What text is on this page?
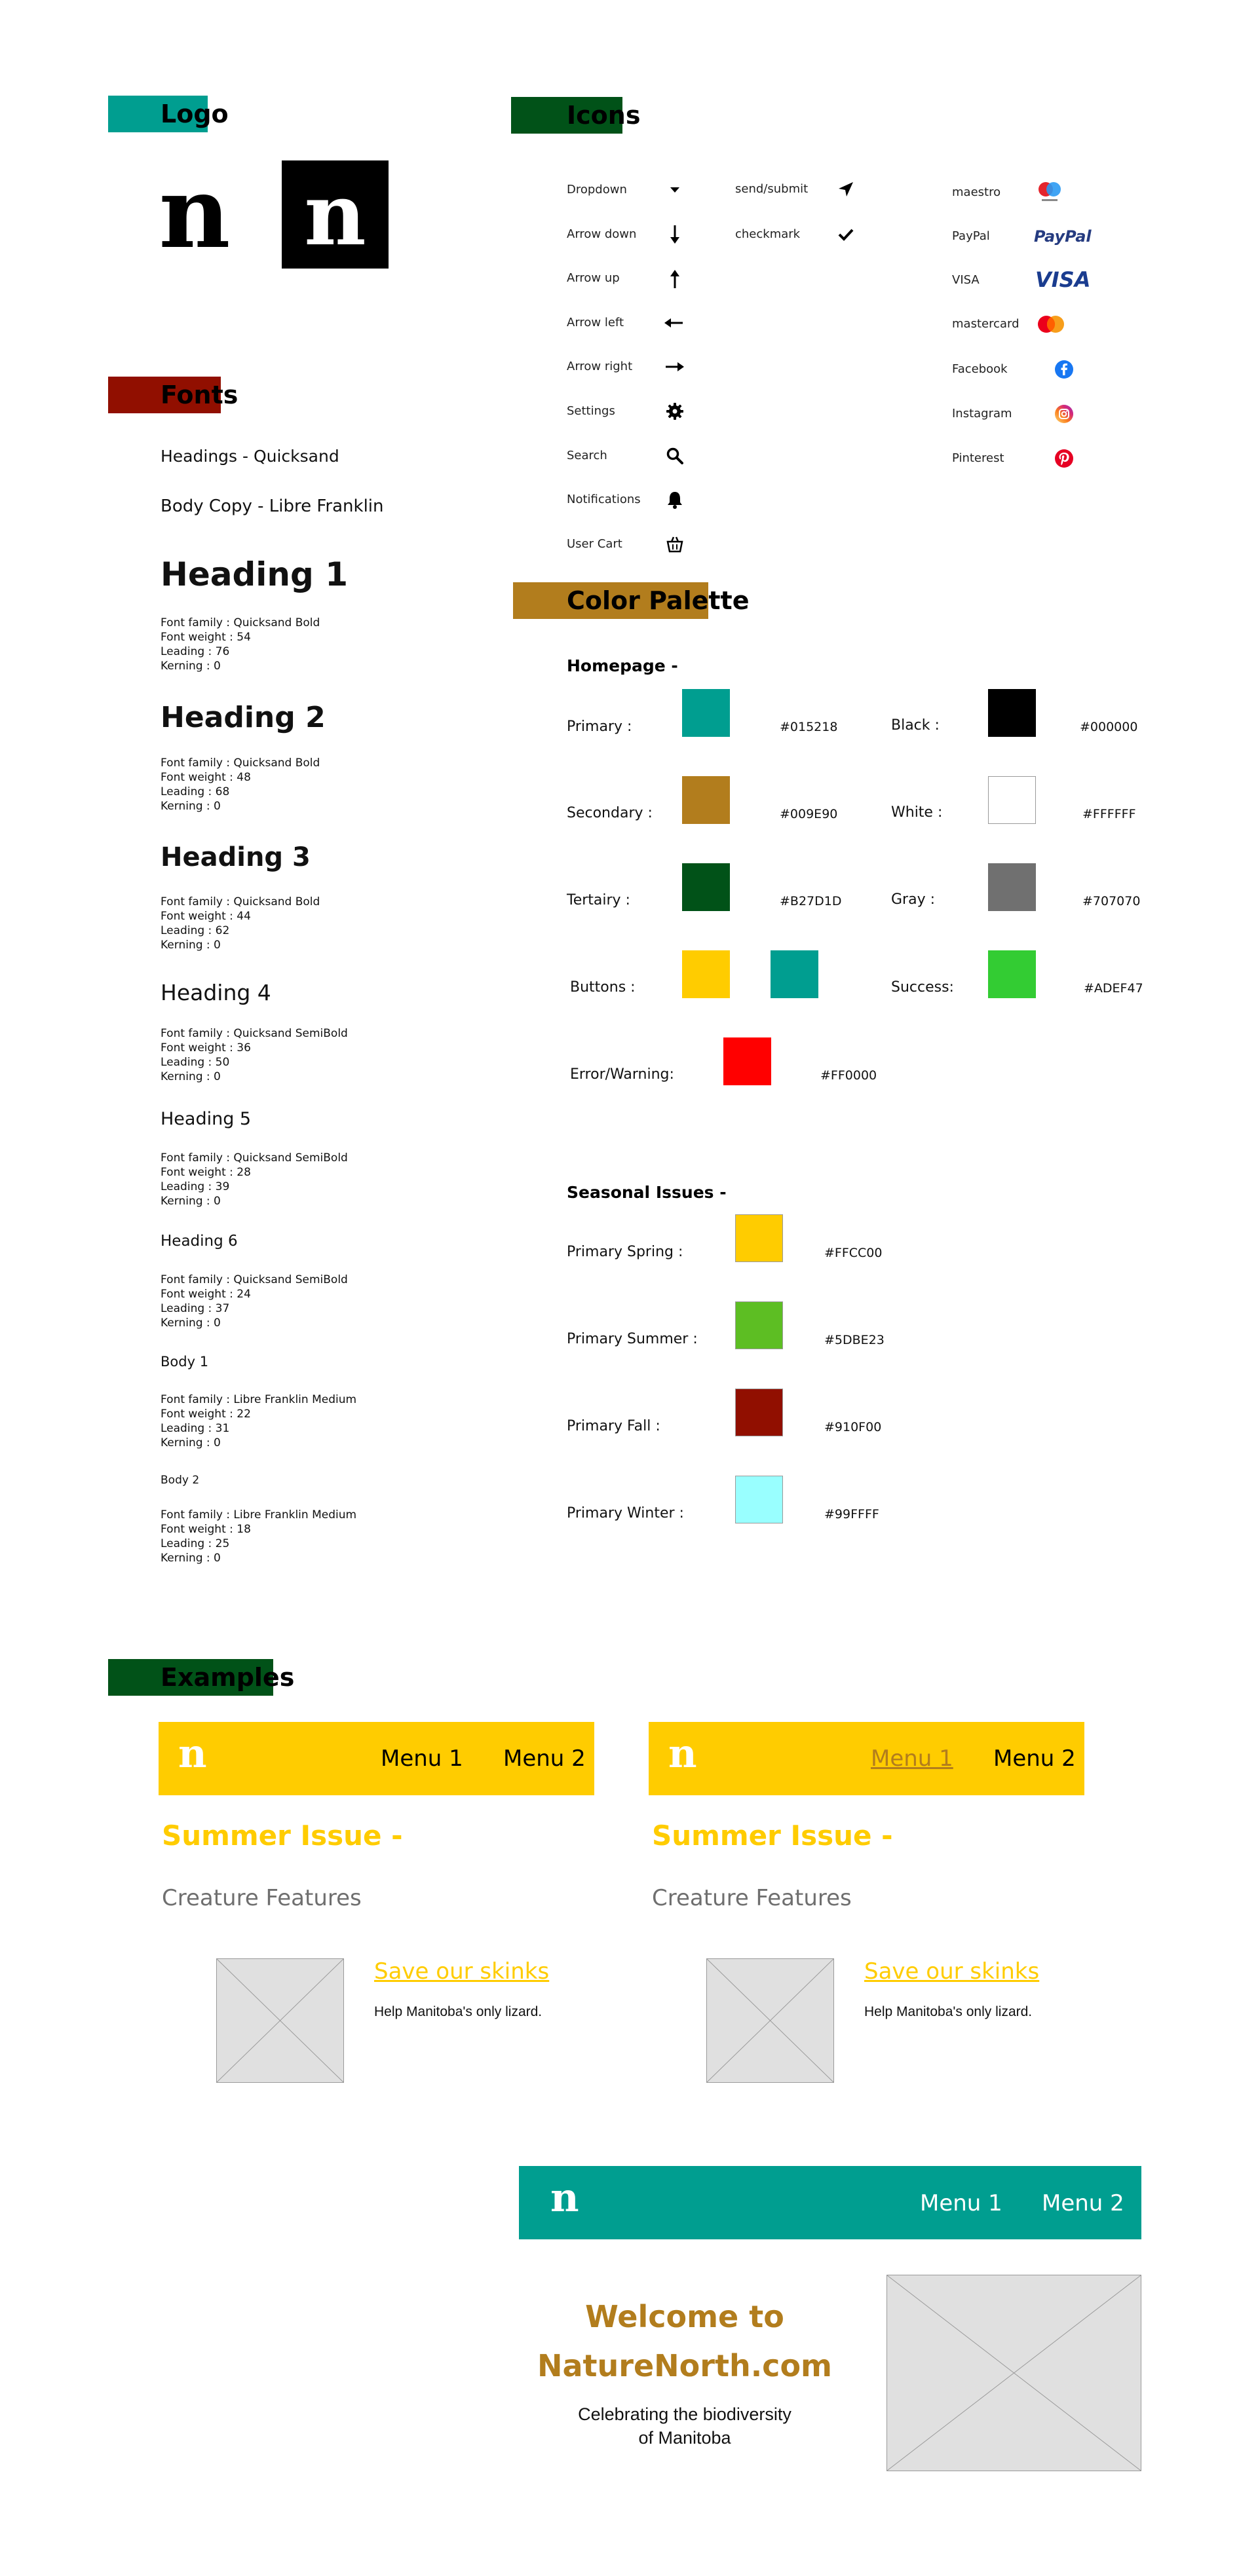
Logo
n n
Fonts
Headings - Quicksand
Body Copy - Libre Franklin
Heading 1
Font family : Quicksand Bold
Font weight : 54
Leading : 76
Kerning : 0
Heading 2
Font family : Quicksand Bold
Font weight : 48
Leading : 68
Kerning : 0
Heading 3
Font family : Quicksand Bold
Font weight : 44
Leading : 62
Kerning : 0
Heading 4
Font family : Quicksand SemiBold
Font weight : 36
Leading : 50
Kerning : 0
Heading 5
Font family : Quicksand SemiBold
Font weight : 28
Leading : 39
Kerning : 0
Heading 6
Font family : Quicksand SemiBold
Font weight : 24
Leading : 37
Kerning : 0
Body 1
Font family : Libre Franklin Medium
Font weight : 22
Leading : 31
Kerning : 0
Body 2
Font family : Libre Franklin Medium
Font weight : 18
Leading : 25
Kerning : 0
Icons
Dropdown
Arrow down
Arrow up
Arrow left
Arrow right
Settings
Search
Notifications
User Cart
send/submit
checkmark
maestro
PayPal	PayPal
VISA	VISA
mastercard
Facebook
Instagram
Pinterest
Color Palette
Homepage -
Primary :	#015218
Secondary :	#009E90
Tertairy :	#B27D1D
Buttons :
Error/Warning:	#FF0000
Black :	#000000
White :	#FFFFFF
Gray :	#707070
Success:	#ADEF47
Seasonal Issues -
Primary Spring :	#FFCC00
Primary Summer :	#5DBE23
Primary Fall :	#910F00
Primary Winter :	#99FFFF
Examples
n	Menu 1 Menu 2
Summer Issue -
Creature Features
Save our skinks
Help Manitoba's only lizard.
n	Menu 1 Menu 2
Summer Issue -
Creature Features
Save our skinks
Help Manitoba's only lizard.
n	Menu 1 Menu 2
Welcome to
NatureNorth.com
Celebrating the biodiversity
of Manitoba
